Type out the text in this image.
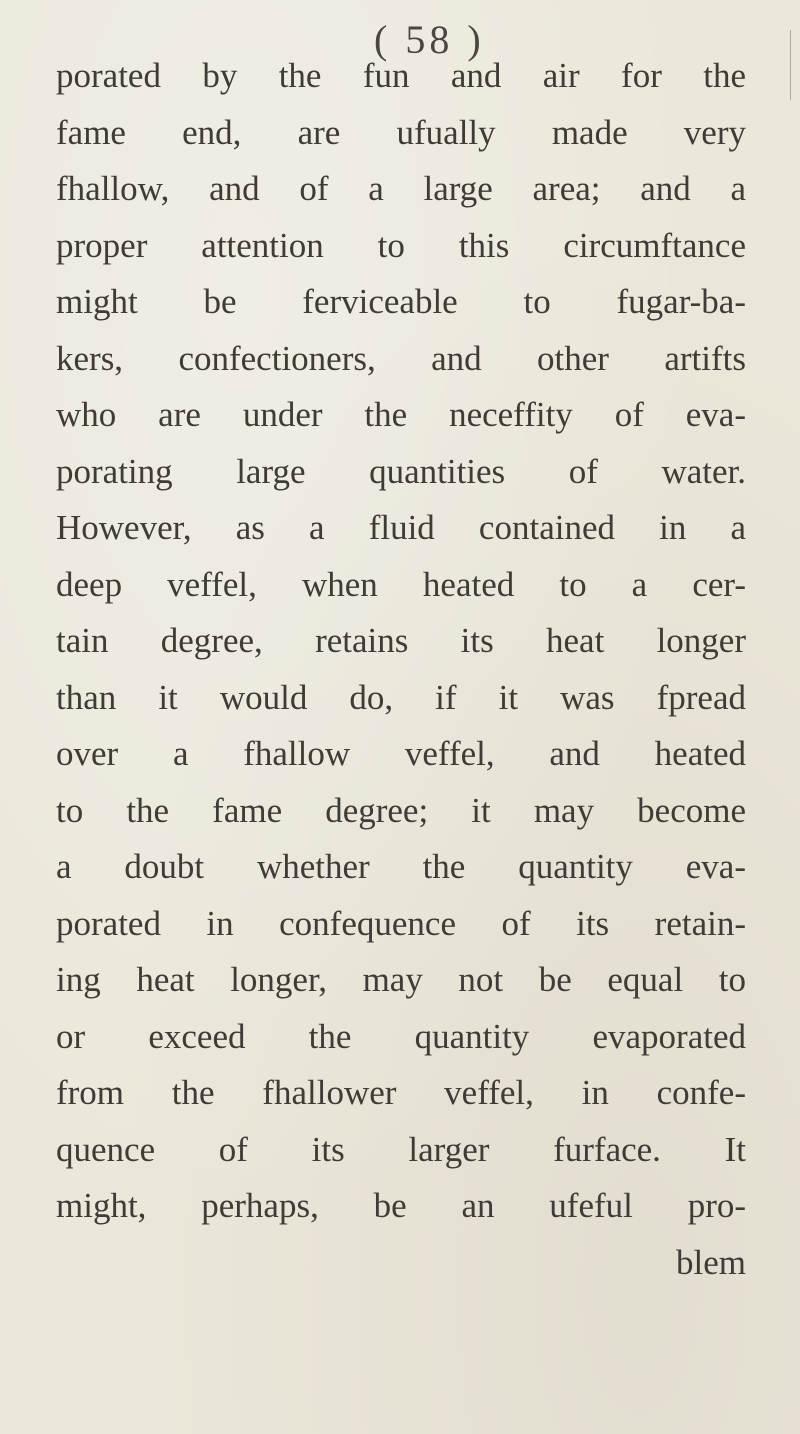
( 58 )
porated by the fun and air for the
fame end, are ufually made very
fhallow, and of a large area; and a
proper attention to this circumftance
might be ferviceable to fugar-ba-
kers, confectioners, and other artifts
who are under the neceffity of eva-
porating large quantities of water.
However, as a fluid contained in a
deep veffel, when heated to a cer-
tain degree, retains its heat longer
than it would do, if it was fpread
over a fhallow veffel, and heated
to the fame degree; it may become
a doubt whether the quantity eva-
porated in confequence of its retain-
ing heat longer, may not be equal to
or exceed the quantity evaporated
from the fhallower veffel, in confe-
quence of its larger furface. It
might, perhaps, be an ufeful pro-
blem
